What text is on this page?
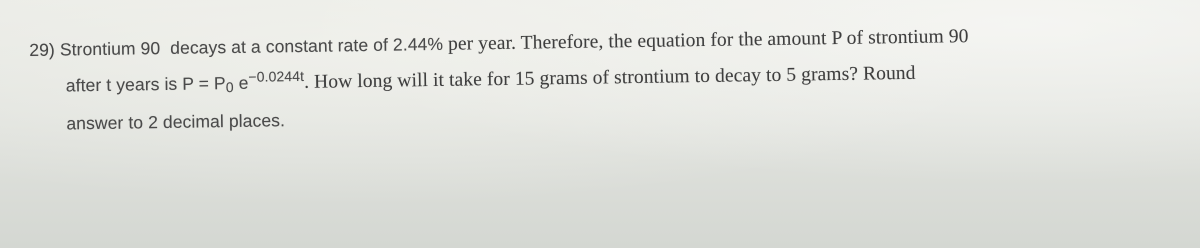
29) Strontium 90 decays at a constant rate of 2.44% per year. Therefore, the equation for the amount P of strontium 90
after t years is P = P0 $e^{-0.0244t}$. How long will it take for 15 grams of strontium to decay to 5 grams? Round
answer to 2 decimal places.
